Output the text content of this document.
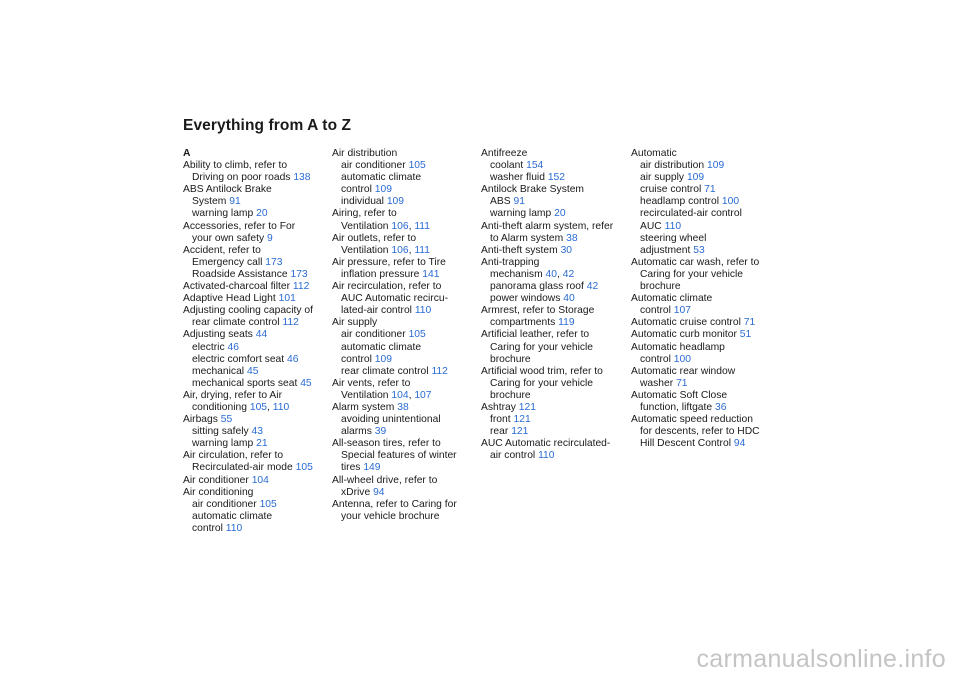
Everything from A to Z
A
Ability to climb, refer to
Driving on poor roads 138
ABS Antilock Brake
System 91
warning lamp 20
Accessories, refer to For
your own safety 9
Accident, refer to
Emergency call 173
Roadside Assistance 173
Activated-charcoal filter 112
Adaptive Head Light 101
Adjusting cooling capacity of
rear climate control 112
Adjusting seats 44
electric 46
electric comfort seat 46
mechanical 45
mechanical sports seat 45
Air, drying, refer to Air
conditioning 105, 110
Airbags 55
sitting safely 43
warning lamp 21
Air circulation, refer to
Recirculated-air mode 105
Air conditioner 104
Air conditioning
air conditioner 105
automatic climate
control 110
Air distribution
air conditioner 105
automatic climate
control 109
individual 109
Airing, refer to
Ventilation 106, 111
Air outlets, refer to
Ventilation 106, 111
Air pressure, refer to Tire
inflation pressure 141
Air recirculation, refer to
AUC Automatic recircu-
lated-air control 110
Air supply
air conditioner 105
automatic climate
control 109
rear climate control 112
Air vents, refer to
Ventilation 104, 107
Alarm system 38
avoiding unintentional
alarms 39
All-season tires, refer to
Special features of winter
tires 149
All-wheel drive, refer to
xDrive 94
Antenna, refer to Caring for
your vehicle brochure
Antifreeze
coolant 154
washer fluid 152
Antilock Brake System
ABS 91
warning lamp 20
Anti-theft alarm system, refer
to Alarm system 38
Anti-theft system 30
Anti-trapping
mechanism 40, 42
panorama glass roof 42
power windows 40
Armrest, refer to Storage
compartments 119
Artificial leather, refer to
Caring for your vehicle
brochure
Artificial wood trim, refer to
Caring for your vehicle
brochure
Ashtray 121
front 121
rear 121
AUC Automatic recirculated-
air control 110
Automatic
air distribution 109
air supply 109
cruise control 71
headlamp control 100
recirculated-air control
AUC 110
steering wheel
adjustment 53
Automatic car wash, refer to
Caring for your vehicle
brochure
Automatic climate
control 107
Automatic cruise control 71
Automatic curb monitor 51
Automatic headlamp
control 100
Automatic rear window
washer 71
Automatic Soft Close
function, liftgate 36
Automatic speed reduction
for descents, refer to HDC
Hill Descent Control 94
carmanualsonline.info
